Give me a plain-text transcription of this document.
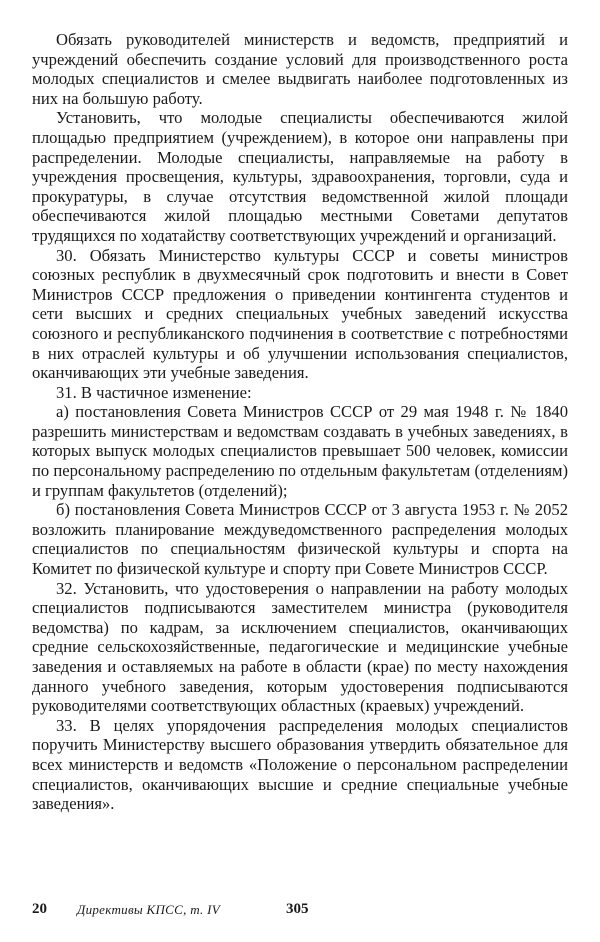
Обязать руководителей министерств и ведомств, предприятий и учреждений обеспечить создание условий для производственного роста молодых специалистов и смелее выдвигать наиболее подготовленных из них на большую работу.

Установить, что молодые специалисты обеспечиваются жилой площадью предприятием (учреждением), в которое они направлены при распределении. Молодые специалисты, направляемые на работу в учреждения просвещения, культуры, здравоохранения, торговли, суда и прокуратуры, в случае отсутствия ведомственной жилой площади обеспечиваются жилой площадью местными Советами депутатов трудящихся по ходатайству соответствующих учреждений и организаций.

30. Обязать Министерство культуры СССР и советы министров союзных республик в двухмесячный срок подготовить и внести в Совет Министров СССР предложения о приведении контингента студентов и сети высших и средних специальных учебных заведений искусства союзного и республиканского подчинения в соответствие с потребностями в них отраслей культуры и об улучшении использования специалистов, оканчивающих эти учебные заведения.

31. В частичное изменение:

а) постановления Совета Министров СССР от 29 мая 1948 г. № 1840 разрешить министерствам и ведомствам создавать в учебных заведениях, в которых выпуск молодых специалистов превышает 500 человек, комиссии по персональному распределению по отдельным факультетам (отделениям) и группам факультетов (отделений);

б) постановления Совета Министров СССР от 3 августа 1953 г. № 2052 возложить планирование междуведомственного распределения молодых специалистов по специальностям физической культуры и спорта на Комитет по физической культуре и спорту при Совете Министров СССР.

32. Установить, что удостоверения о направлении на работу молодых специалистов подписываются заместителем министра (руководителя ведомства) по кадрам, за исключением специалистов, оканчивающих средние сельскохозяйственные, педагогические и медицинские учебные заведения и оставляемых на работе в области (крае) по месту нахождения данного учебного заведения, которым удостоверения подписываются руководителями соответствующих областных (краевых) учреждений.

33. В целях упорядочения распределения молодых специалистов поручить Министерству высшего образования утвердить обязательное для всех министерств и ведомств «Положение о персональном распределении специалистов, оканчивающих высшие и средние специальные учебные заведения».

20 Директивы КПСС, т. IV	305
